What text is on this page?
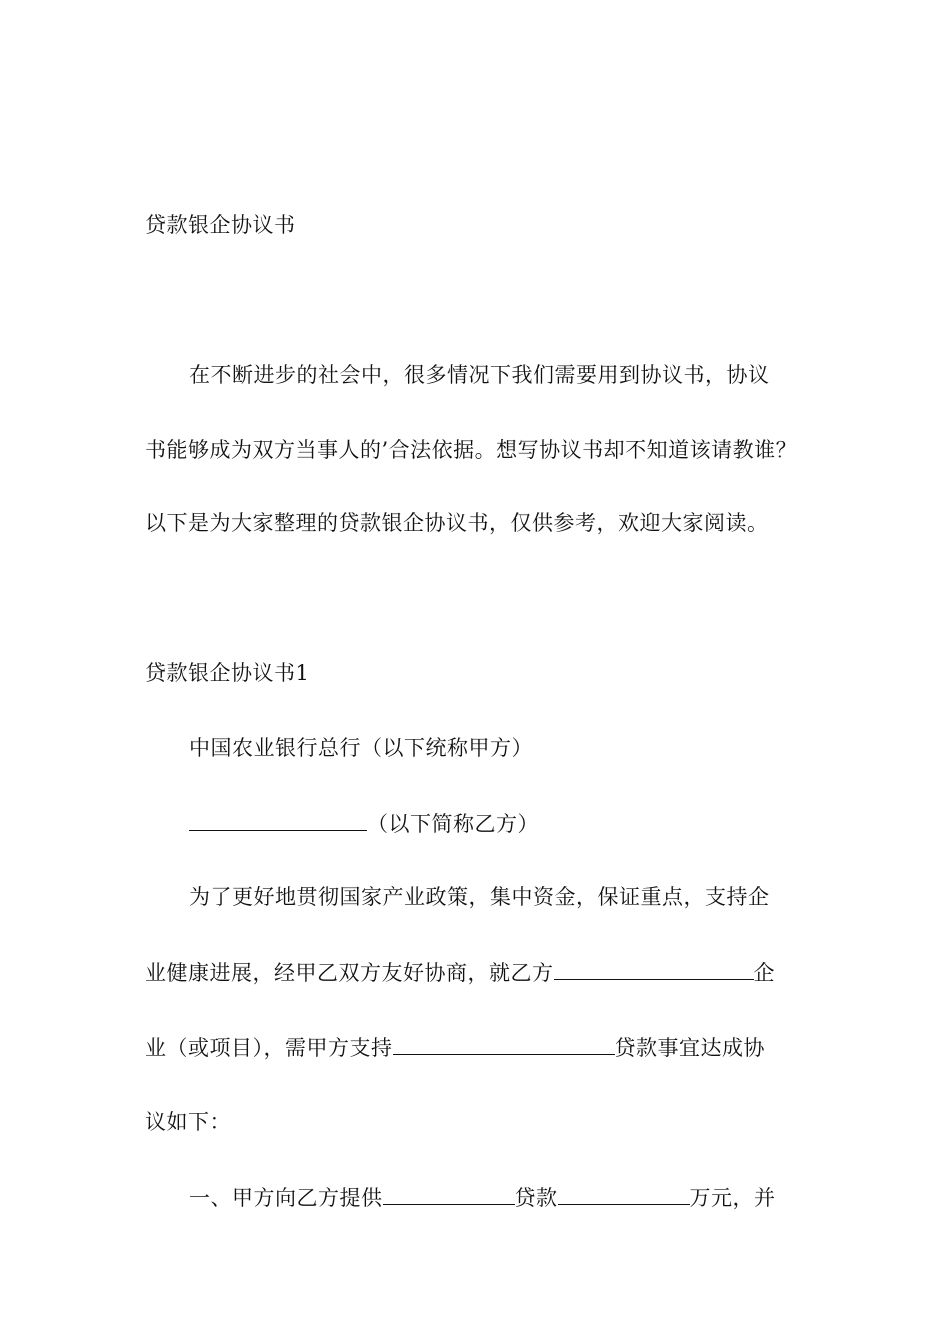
贷款银企协议书
在不断进步的社会中，很多情况下我们需要用到协议书，协议
书能够成为双方当事人的’合法依据。想写协议书却不知道该请教谁？
以下是为大家整理的贷款银企协议书，仅供参考，欢迎大家阅读。
贷款银企协议书1
中国农业银行总行（以下统称甲方）
（以下简称乙方）
为了更好地贯彻国家产业政策，集中资金，保证重点，支持企
业健康进展，经甲乙双方友好协商，就乙方	企
业（或项目），需甲方支持	贷款事宜达成协
议如下：
一、甲方向乙方提供	贷款	万元，并
